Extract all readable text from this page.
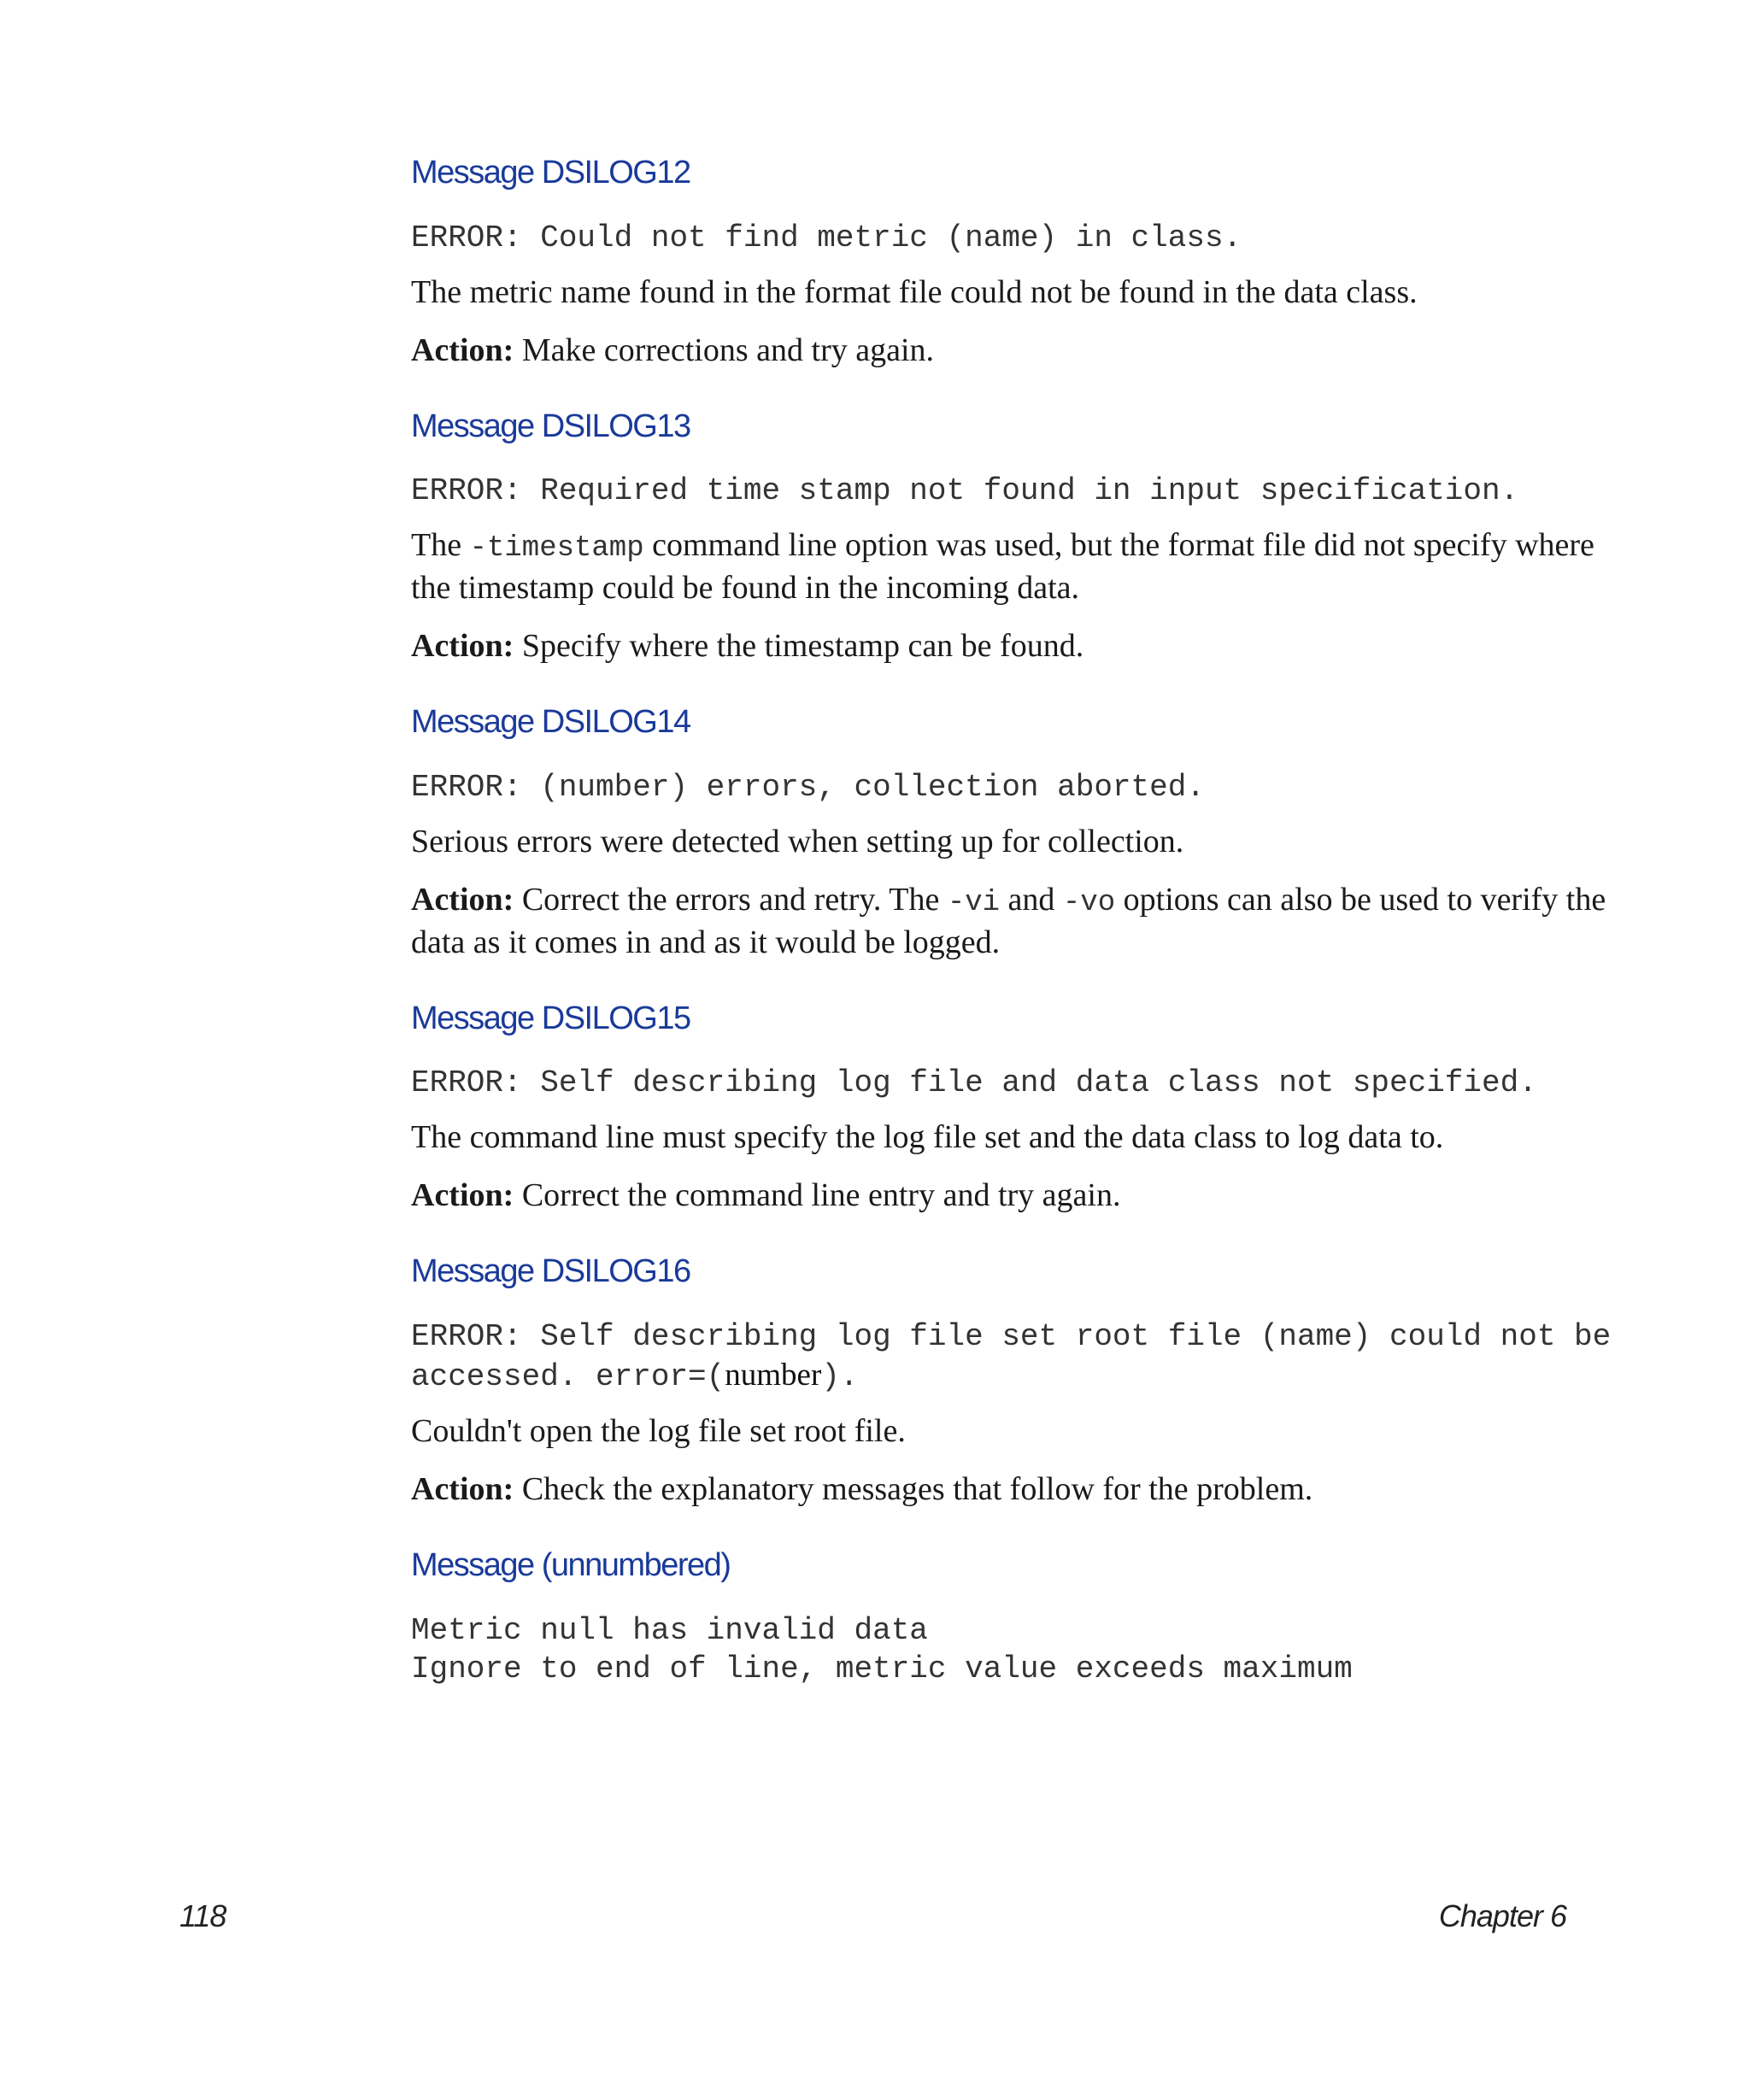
Message DSILOG12
ERROR: Could not find metric (name) in class.

The metric name found in the format file could not be found in the data class.

Action: Make corrections and try again.

Message DSILOG13
ERROR: Required time stamp not found in input specification.

The -timestamp command line option was used, but the format file did not specify where the timestamp could be found in the incoming data.

Action: Specify where the timestamp can be found.

Message DSILOG14
ERROR: (number) errors, collection aborted.

Serious errors were detected when setting up for collection.

Action: Correct the errors and retry. The -vi and -vo options can also be used to verify the data as it comes in and as it would be logged.

Message DSILOG15
ERROR: Self describing log file and data class not specified.

The command line must specify the log file set and the data class to log data to.

Action: Correct the command line entry and try again.

Message DSILOG16
ERROR: Self describing log file set root file (name) could not be accessed. error=(number).

Couldn't open the log file set root file.

Action: Check the explanatory messages that follow for the problem.

Message (unnumbered)
Metric null has invalid data
Ignore to end of line, metric value exceeds maximum
118	Chapter 6
